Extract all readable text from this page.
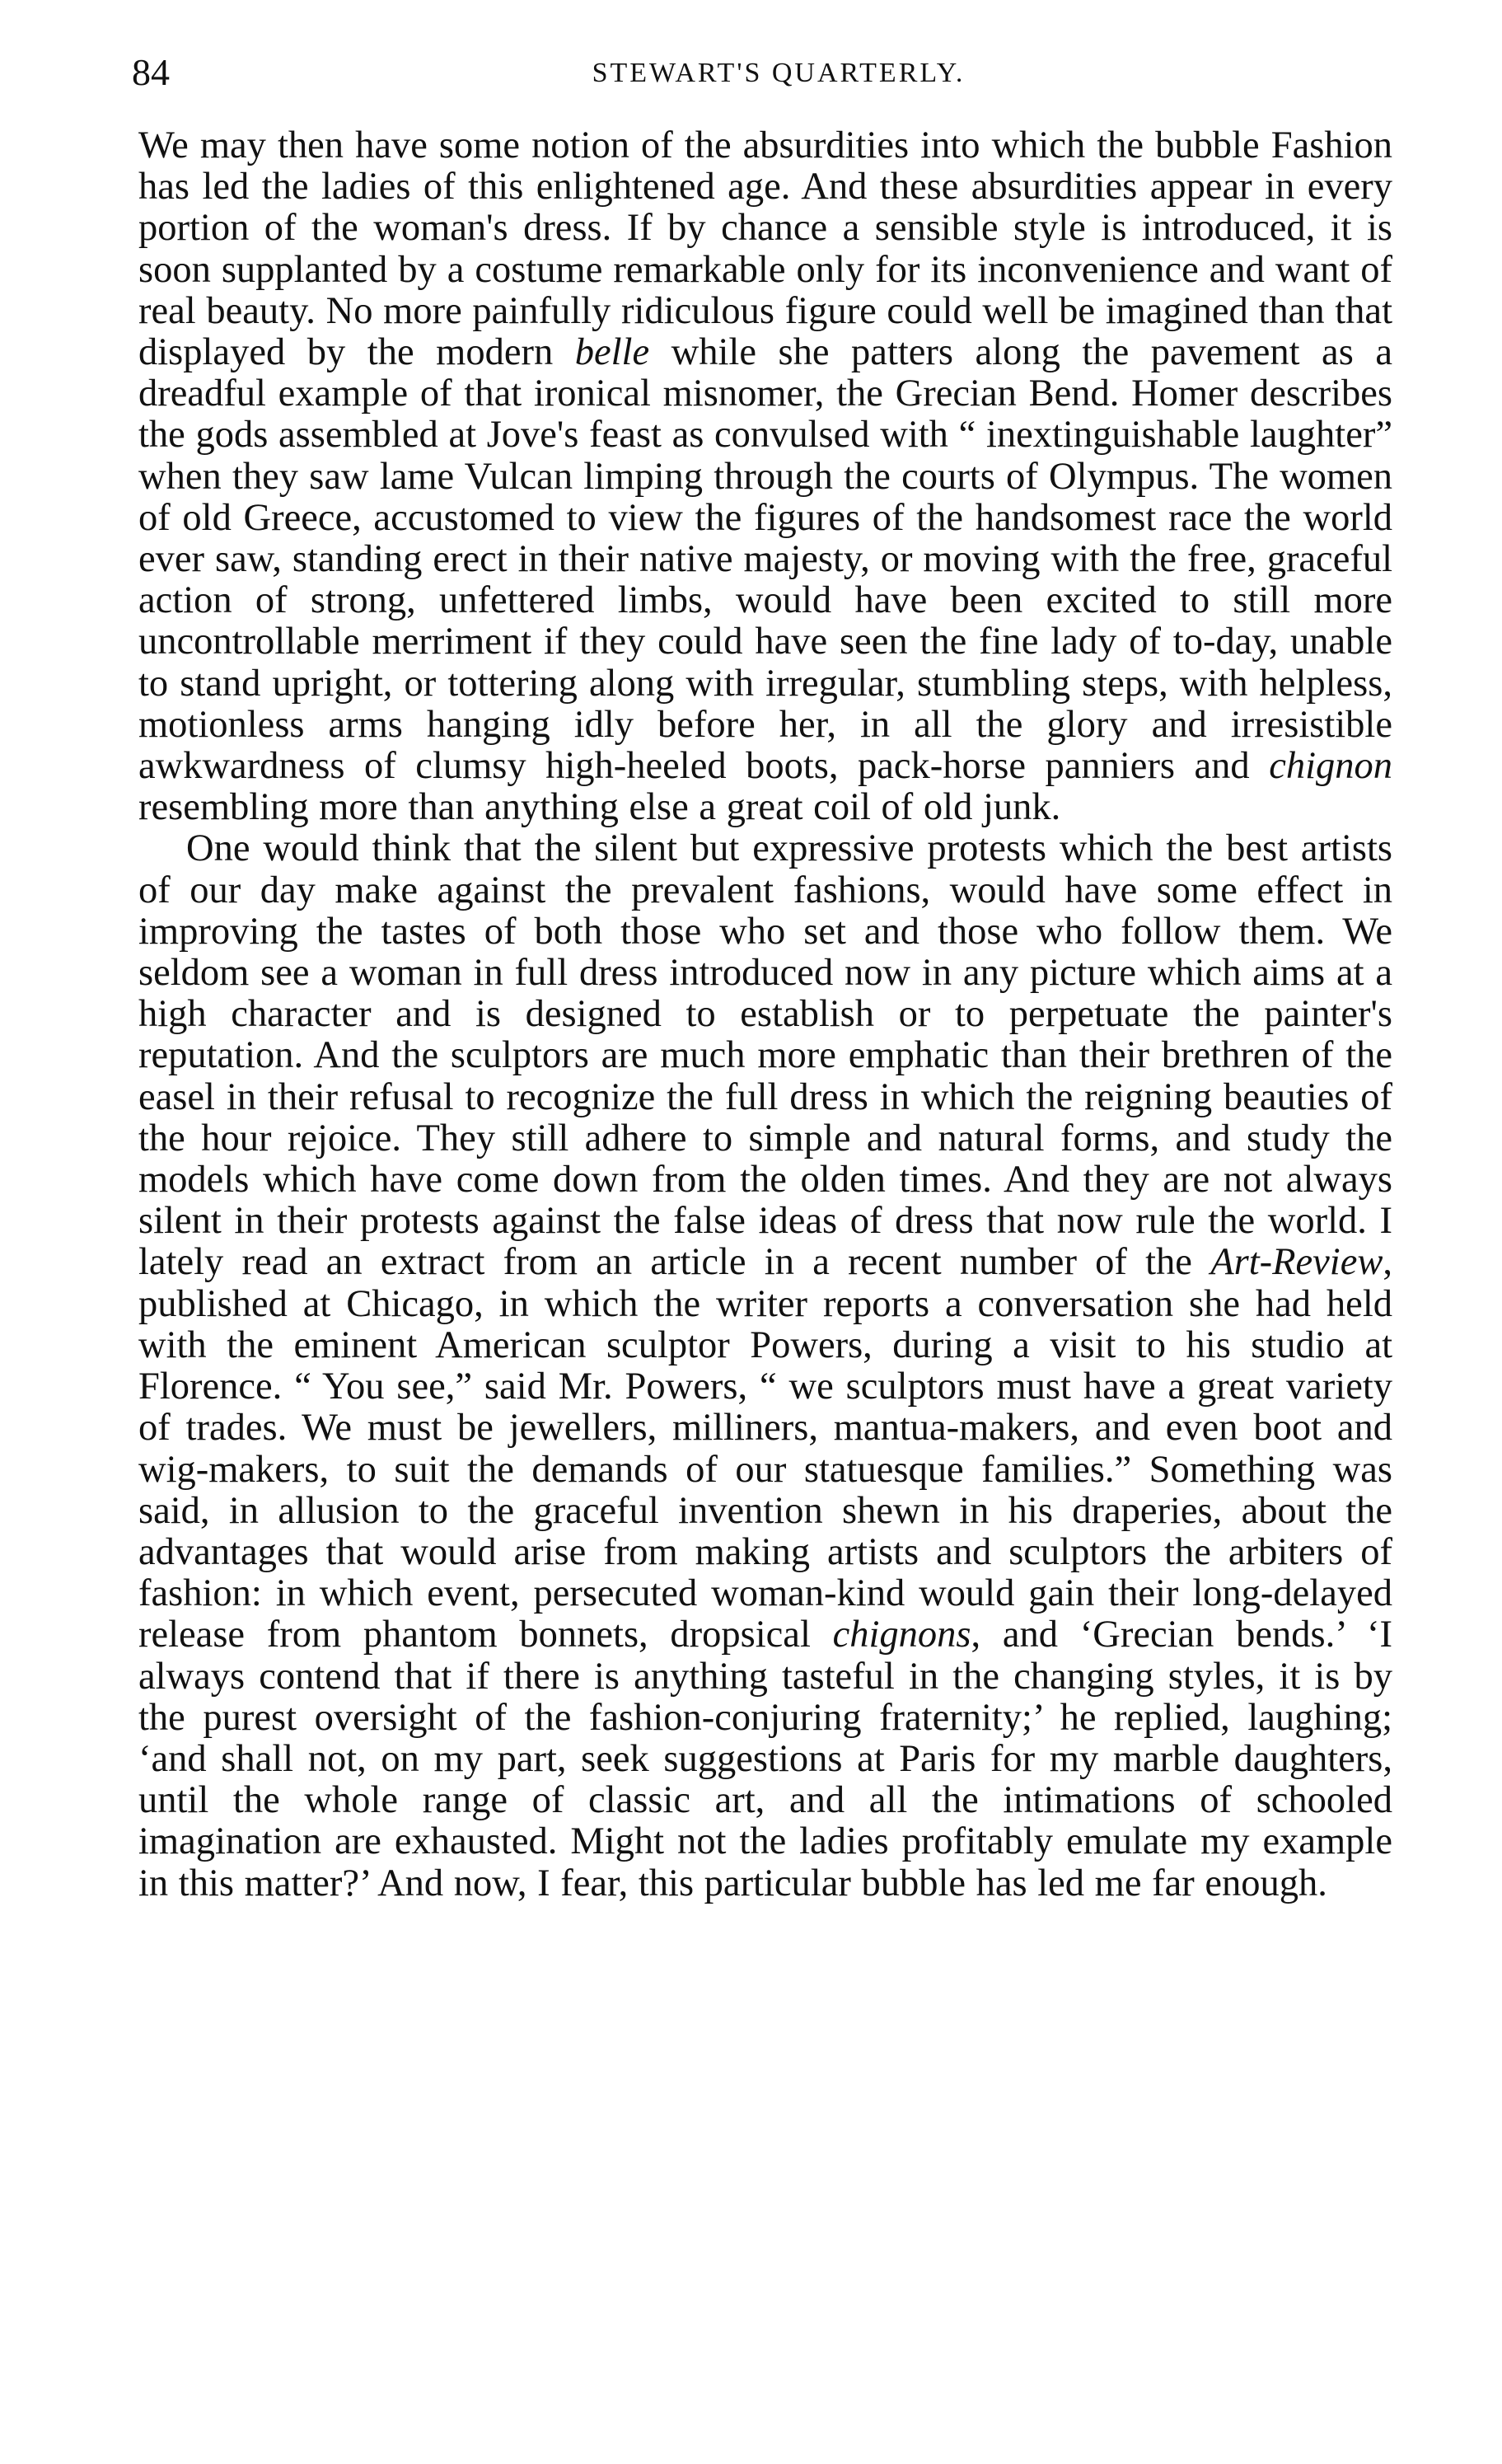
84	STEWART'S QUARTERLY.

We may then have some notion of the absurdities into which the bubble Fashion has led the ladies of this enlightened age. And these absurdities appear in every portion of the woman's dress. If by chance a sensible style is introduced, it is soon supplanted by a costume remarkable only for its inconvenience and want of real beauty. No more painfully ridiculous figure could well be imagined than that displayed by the modern belle while she patters along the pavement as a dreadful example of that ironical misnomer, the Grecian Bend. Homer describes the gods assembled at Jove's feast as convulsed with “ inextinguishable laughter” when they saw lame Vulcan limping through the courts of Olympus. The women of old Greece, accustomed to view the figures of the handsomest race the world ever saw, standing erect in their native majesty, or moving with the free, graceful action of strong, unfettered limbs, would have been excited to still more uncontrollable merriment if they could have seen the fine lady of to-day, unable to stand upright, or tottering along with irregular, stumbling steps, with helpless, motionless arms hanging idly before her, in all the glory and irresistible awkwardness of clumsy high-heeled boots, pack-horse panniers and chignon resembling more than anything else a great coil of old junk.

One would think that the silent but expressive protests which the best artists of our day make against the prevalent fashions, would have some effect in improving the tastes of both those who set and those who follow them. We seldom see a woman in full dress introduced now in any picture which aims at a high character and is designed to establish or to perpetuate the painter's reputation. And the sculptors are much more emphatic than their brethren of the easel in their refusal to recognize the full dress in which the reigning beauties of the hour rejoice. They still adhere to simple and natural forms, and study the models which have come down from the olden times. And they are not always silent in their protests against the false ideas of dress that now rule the world. I lately read an extract from an article in a recent number of the Art-Review, published at Chicago, in which the writer reports a conversation she had held with the eminent American sculptor Powers, during a visit to his studio at Florence. “ You see,” said Mr. Powers, “ we sculptors must have a great variety of trades. We must be jewellers, milliners, mantua-makers, and even boot and wig-makers, to suit the demands of our statuesque families.” Something was said, in allusion to the graceful invention shewn in his draperies, about the advantages that would arise from making artists and sculptors the arbiters of fashion: in which event, persecuted woman-kind would gain their long-delayed release from phantom bonnets, dropsical chignons, and ‘Grecian bends.’ ‘I always contend that if there is anything tasteful in the changing styles, it is by the purest oversight of the fashion-conjuring fraternity;’ he replied, laughing; ‘and shall not, on my part, seek suggestions at Paris for my marble daughters, until the whole range of classic art, and all the intimations of schooled imagination are exhausted. Might not the ladies profitably emulate my example in this matter?’ And now, I fear, this particular bubble has led me far enough.
